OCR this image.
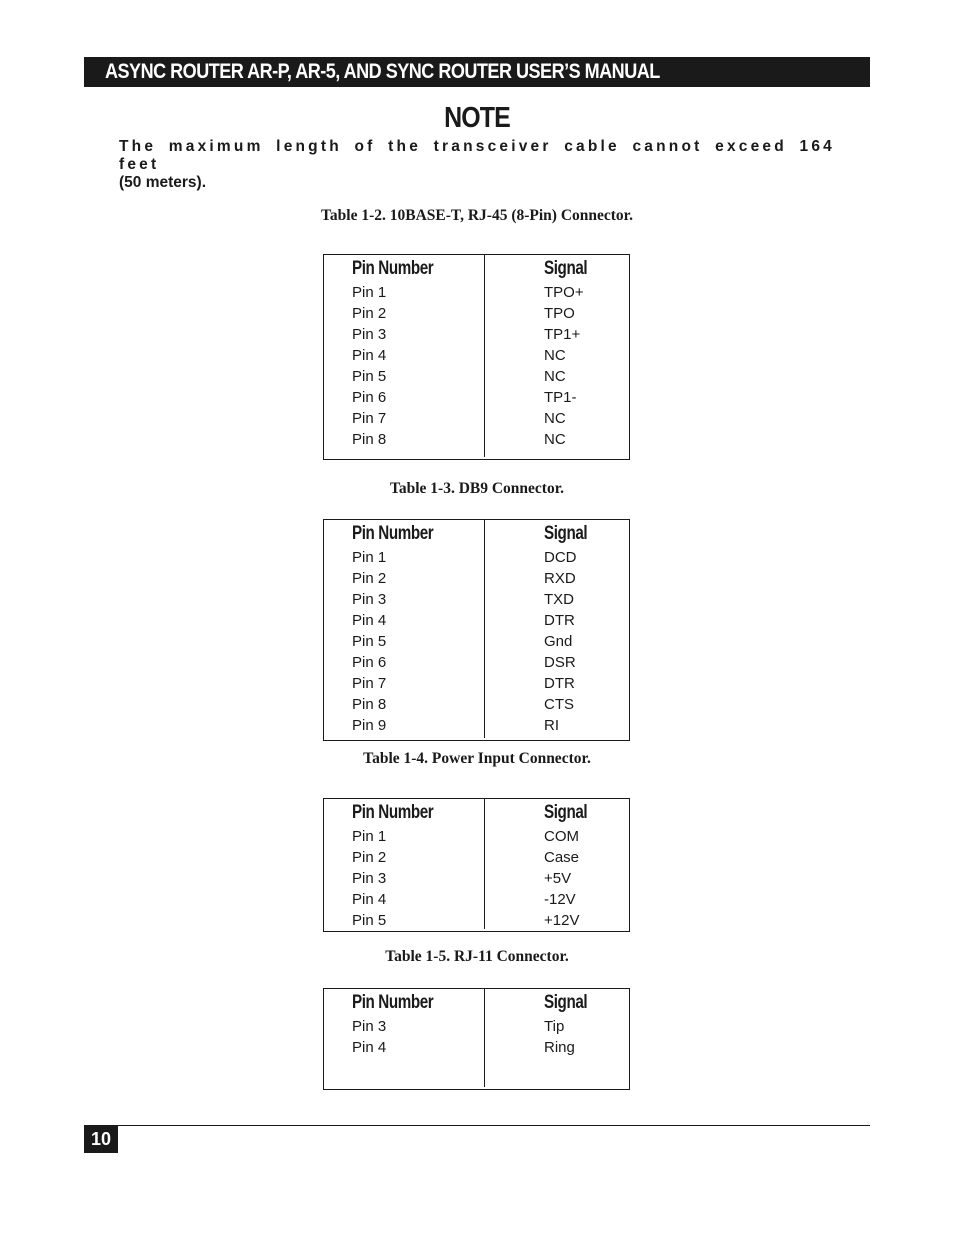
ASYNC ROUTER AR-P, AR-5, AND SYNC ROUTER USER’S MANUAL
NOTE
The maximum length of the transceiver cable cannot exceed 164 feet
(50 meters).
Table 1-2. 10BASE-T, RJ-45 (8-Pin) Connector.
Pin Number	Signal
Pin 1	TPO+
Pin 2	TPO
Pin 3	TP1+
Pin 4	NC
Pin 5	NC
Pin 6	TP1-
Pin 7	NC
Pin 8	NC
Table 1-3. DB9 Connector.
Pin Number	Signal
Pin 1	DCD
Pin 2	RXD
Pin 3	TXD
Pin 4	DTR
Pin 5	Gnd
Pin 6	DSR
Pin 7	DTR
Pin 8	CTS
Pin 9	RI
Table 1-4. Power Input Connector.
Pin Number	Signal
Pin 1	COM
Pin 2	Case
Pin 3	+5V
Pin 4	-12V
Pin 5	+12V
Table 1-5. RJ-11 Connector.
Pin Number	Signal
Pin 3	Tip
Pin 4	Ring
10
